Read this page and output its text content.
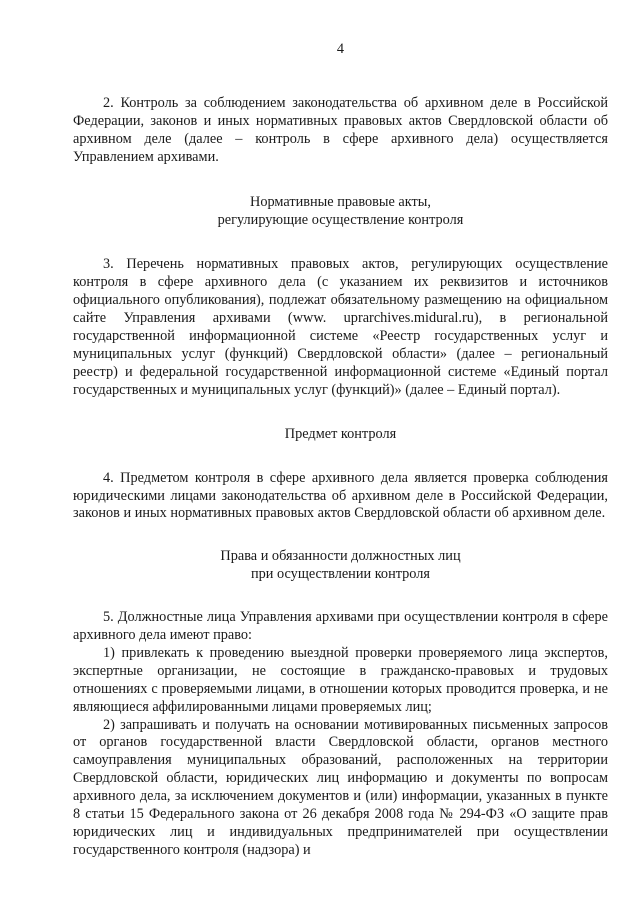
4

2. Контроль за соблюдением законодательства об архивном деле в Российской Федерации, законов и иных нормативных правовых актов Свердловской области об архивном деле (далее – контроль в сфере архивного дела) осуществляется Управлением архивами.

Нормативные правовые акты,
регулирующие осуществление контроля

3. Перечень нормативных правовых актов, регулирующих осуществление контроля в сфере архивного дела (с указанием их реквизитов и источников официального опубликования), подлежат обязательному размещению на официальном сайте Управления архивами (www. uprarchives.midural.ru), в региональной государственной информационной системе «Реестр государственных услуг и муниципальных услуг (функций) Свердловской области» (далее – региональный реестр) и федеральной государственной информационной системе «Единый портал государственных и муниципальных услуг (функций)» (далее – Единый портал).

Предмет контроля

4. Предметом контроля в сфере архивного дела является проверка соблюдения юридическими лицами законодательства об архивном деле в Российской Федерации, законов и иных нормативных правовых актов Свердловской области об архивном деле.

Права и обязанности должностных лиц
при осуществлении контроля

5. Должностные лица Управления архивами при осуществлении контроля в сфере архивного дела имеют право:

1) привлекать к проведению выездной проверки проверяемого лица экспертов, экспертные организации, не состоящие в гражданско-правовых и трудовых отношениях с проверяемыми лицами, в отношении которых проводится проверка, и не являющиеся аффилированными лицами проверяемых лиц;

2) запрашивать и получать на основании мотивированных письменных запросов от органов государственной власти Свердловской области, органов местного самоуправления муниципальных образований, расположенных на территории Свердловской области, юридических лиц информацию и документы по вопросам архивного дела, за исключением документов и (или) информации, указанных в пункте 8 статьи 15 Федерального закона от 26 декабря 2008 года № 294-ФЗ «О защите прав юридических лиц и индивидуальных предпринимателей при осуществлении государственного контроля (надзора) и
